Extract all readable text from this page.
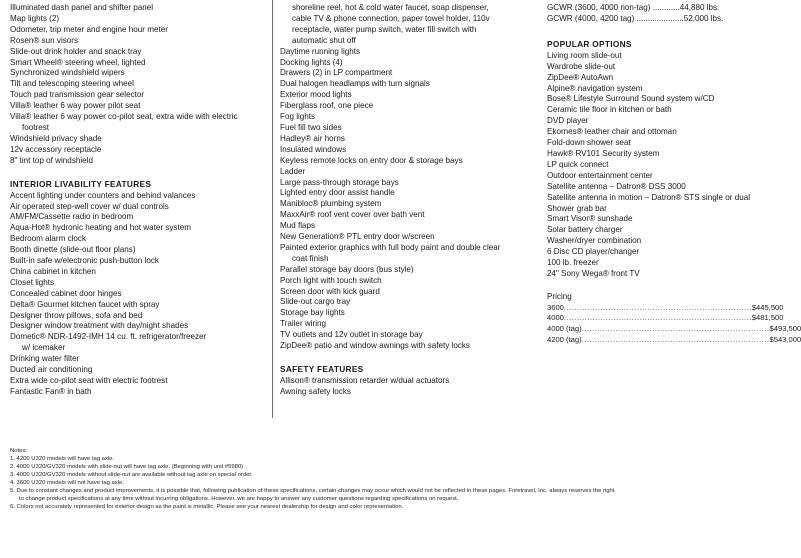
Illuminated dash panel and shifter panel
Map lights (2)
Odometer, trip meter and engine hour meter
Rosen® sun visors
Slide-out drink holder and snack tray
Smart Wheel® steering wheel, lighted
Synchronized windshield wipers
Tilt and telescoping steering wheel
Touch pad transmission gear selector
Villa® leather 6 way power pilot seat
Villa® leather 6 way power co-pilot seat, extra wide with electric
footrest
Windshield privacy shade
12v accessory receptacle
8" tint top of windshield
INTERIOR LIVABILITY FEATURES
Accent lighting under counters and behind valances
Air operated step-well cover w/ dual controls
AM/FM/Cassette radio in bedroom
Aqua-Hot® hydronic heating and hot water system
Bedroom alarm clock
Booth dinette (slide-out floor plans)
Built-in safe w/electronic push-button lock
China cabinet in kitchen
Closet lights
Concealed cabinet door hinges
Delta® Gourmet kitchen faucet with spray
Designer throw pillows, sofa and bed
Designer window treatment with day/night shades
Dometic® NDR-1492-IMH 14 cu. ft. refrigerator/freezer
w/ icemaker
Drinking water filter
Ducted air conditioning
Extra wide co-pilot seat with electric footrest
Fantastic Fan® in bath
shoreline reel, hot & cold water faucet, soap dispenser,
cable TV & phone connection, paper towel holder, 110v
receptacle, water pump switch, water fill switch with
automatic shut off
Daytime running lights
Docking lights (4)
Drawers (2) in LP compartment
Dual halogen headlamps with turn signals
Exterior mood lights
Fiberglass roof, one piece
Fog lights
Fuel fill two sides
Hadley® air horns
Insulated windows
Keyless remote locks on entry door & storage bays
Ladder
Large pass-through storage bays
Lighted entry door assist handle
Maniblоc® plumbing system
MaxxAir® roof vent cover over bath vent
Mud flaps
New Generation® PTL entry door w/screen
Painted exterior graphics with full body paint and double clear
coat finish
Parallel storage bay doors (bus style)
Porch light with touch switch
Screen door with kick guard
Slide-out cargo tray
Storage bay lights
Trailer wiring
TV outlets and 12v outlet in storage bay
ZipDee® patio and window awnings with safety locks
SAFETY FEATURES
Allison® transmission retarder w/dual actuators
Awning safety locks
GCWR (3600, 4000 non-tag) ............44,880 lbs.
GCWR (4000, 4200 tag) .....................52,000 lbs.
POPULAR OPTIONS
Living room slide-out
Wardrobe slide-out
ZipDee® AutoAwn
Alpine® navigation system
Bose® Lifestyle Surround Sound system w/CD
Ceramic tile floor in kitchen or bath
DVD player
Ekornes® leather chair and ottoman
Fold-down shower seat
Hawk® RV101 Security system
LP quick connect
Outdoor entertainment center
Satellite antenna – Datron® DSS 3000
Satellite antenna in motion – Datron® STS single or dual
Shower grab bar
Smart Visor® sunshade
Solar battery charger
Washer/dryer combination
6 Disc CD player/changer
100 lb. freezer
24" Sony Wega® front TV
Pricing
3600 ........................................................................ $445,500
4000 ........................................................................ $481,500
4000 (tag) ........................................................................ $493,500
4200 (tag) ........................................................................ $543,000
Notes:
1. 4200 U320 models will have tag axle.
2. 4000 U320/GV320 models with slide-out will have tag axle. (Beginning with unit #5980)
3. 4000 U320/GV320 models without slide-out are available without tag axle on special order.
4. 3600 U320 models will not have tag axle.
5. Due to constant changes and product improvements, it is possible that, following publication of these specifications, certain changes may occur which would not be reflected in these pages. Foretravel, Inc. always reserves the right
to change product specifications at any time without incurring obligations. However, we are happy to answer any customer questions regarding specifications on request.
6. Colors not accurately represented for exterior design as the paint is metallic. Please see your nearest dealership for design and color representation.
